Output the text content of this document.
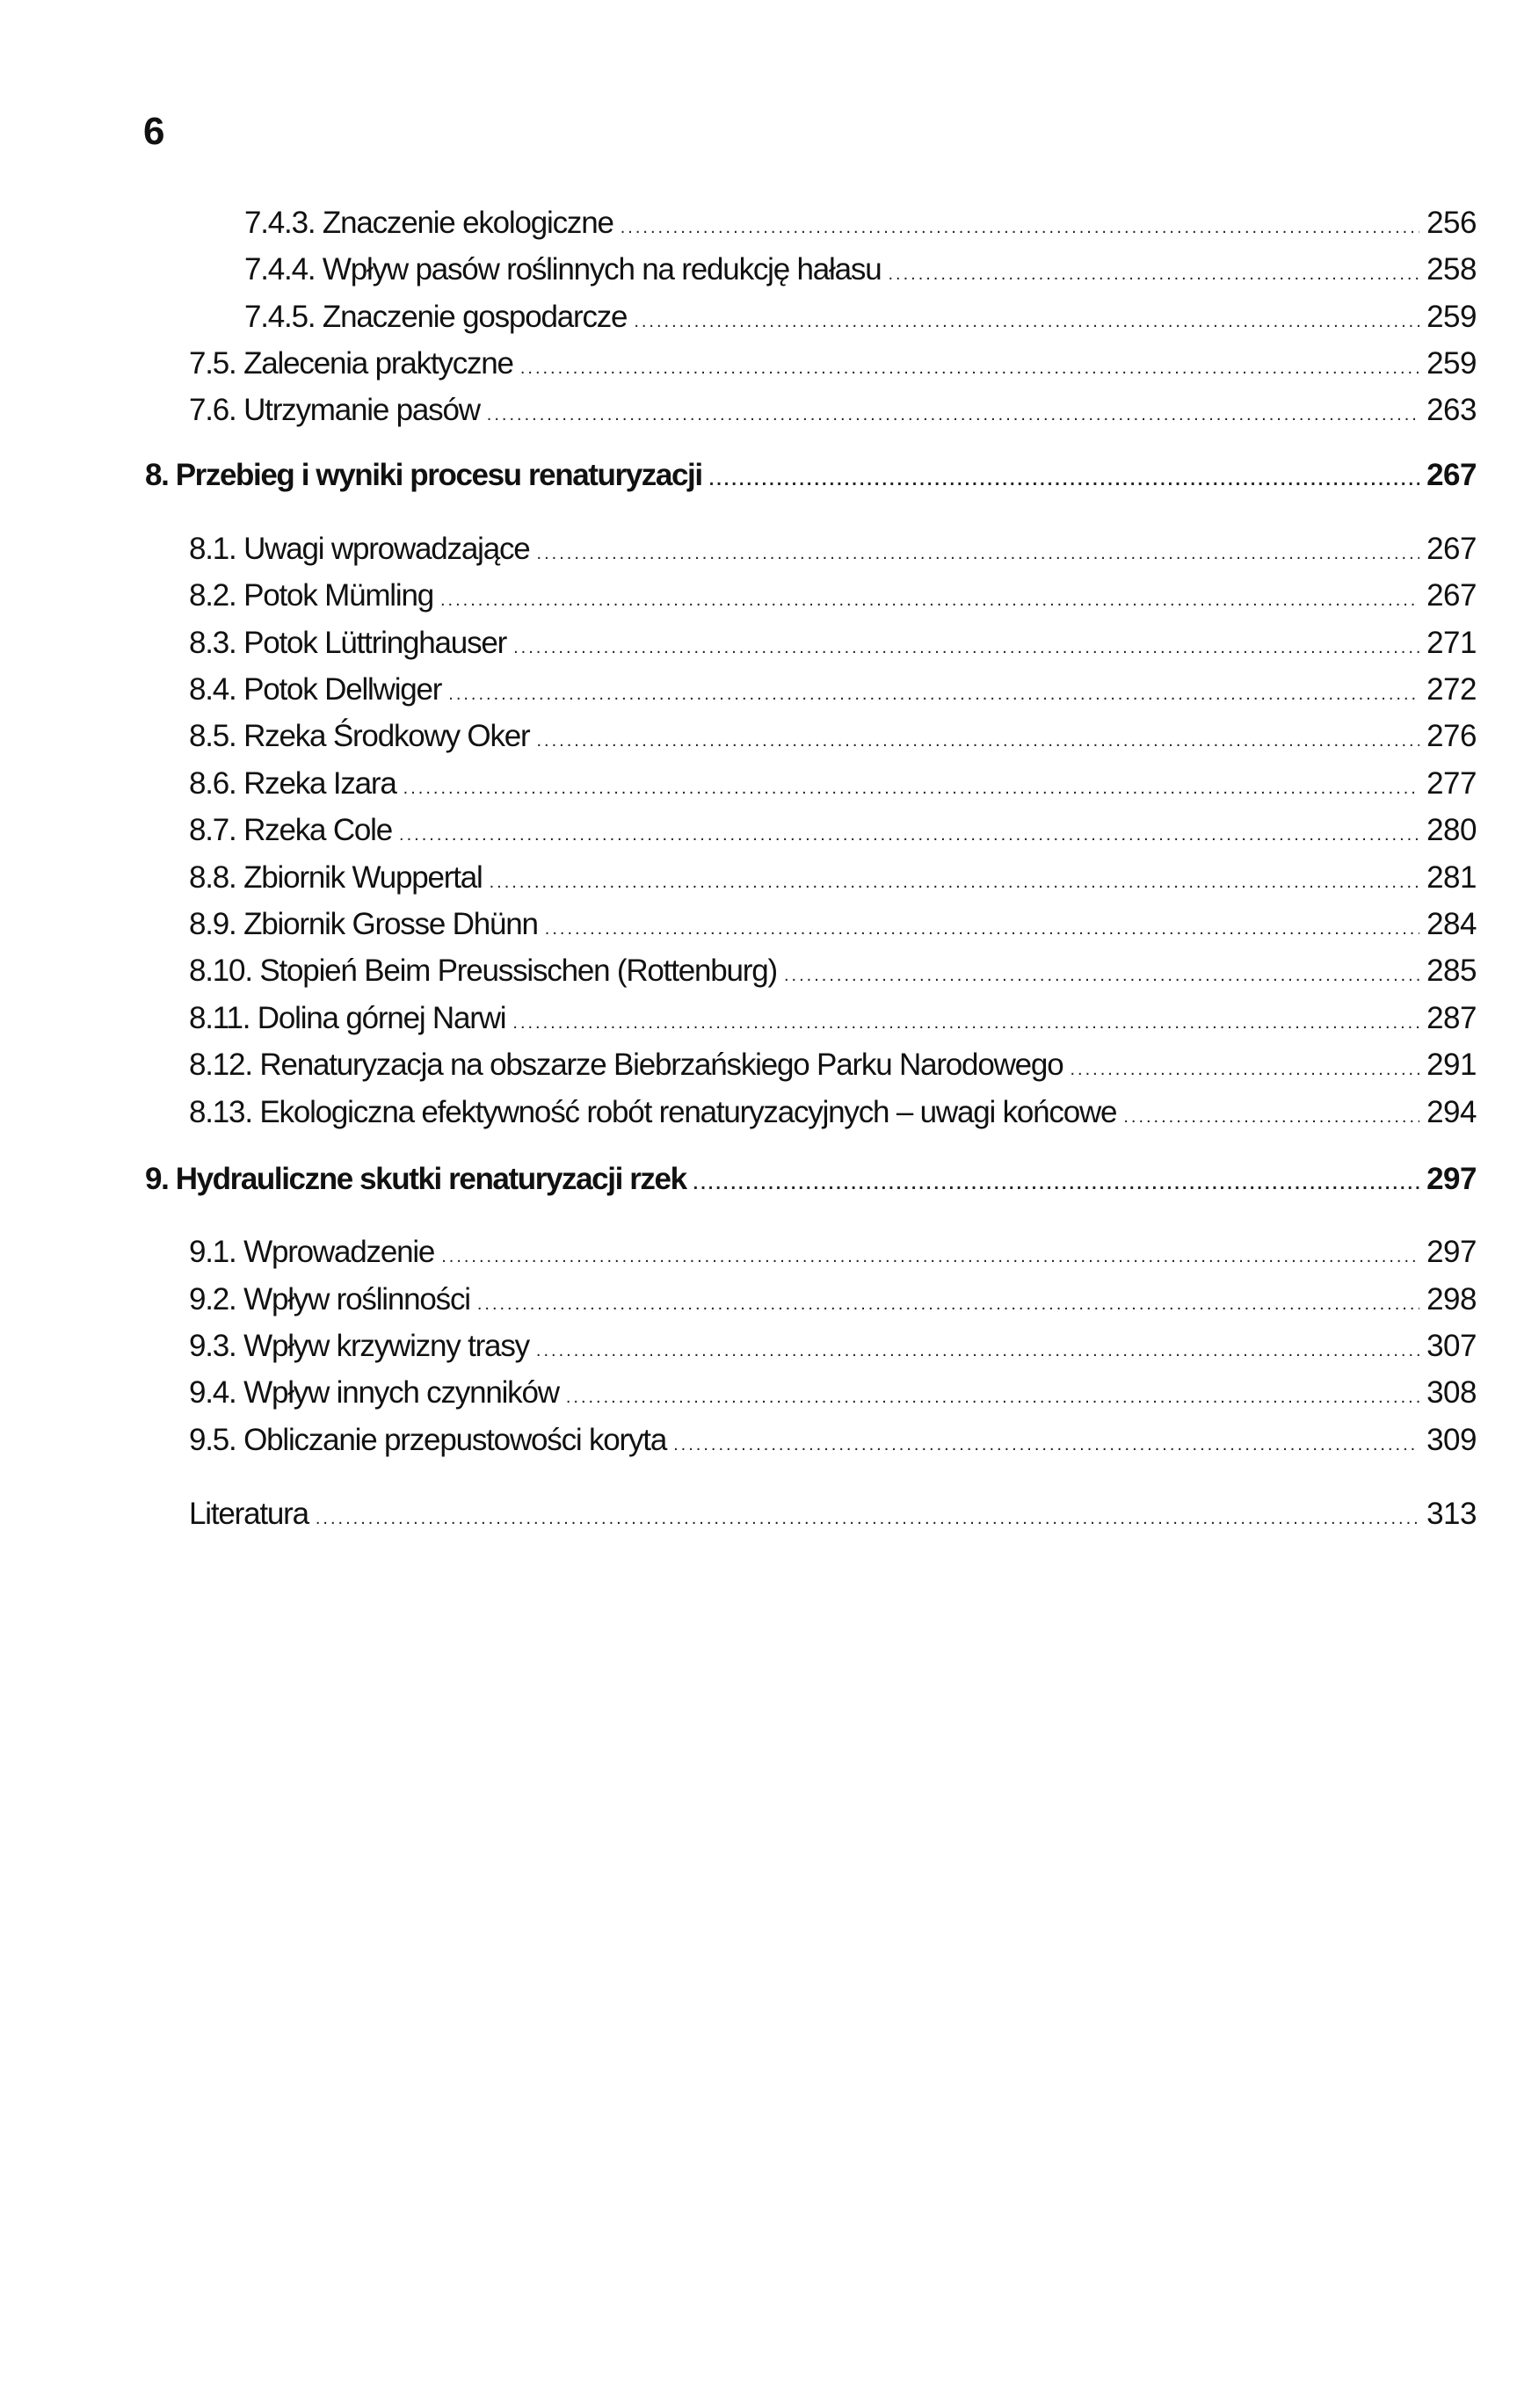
6
7.4.3. Znaczenie ekologiczne .....	256
7.4.4. Wpływ pasów roślinnych na redukcję hałasu .....	258
7.4.5. Znaczenie gospodarcze .....	259
7.5. Zalecenia praktyczne .....	259
7.6. Utrzymanie pasów .....	263
8. Przebieg i wyniki procesu renaturyzacji .....	267
8.1. Uwagi wprowadzające .....	267
8.2. Potok Mümling .....	267
8.3. Potok Lüttringhauser .....	271
8.4. Potok Dellwiger .....	272
8.5. Rzeka Środkowy Oker .....	276
8.6. Rzeka Izara .....	277
8.7. Rzeka Cole .....	280
8.8. Zbiornik Wuppertal .....	281
8.9. Zbiornik Grosse Dhünn .....	284
8.10. Stopień Beim Preussischen (Rottenburg) .....	285
8.11. Dolina górnej Narwi .....	287
8.12. Renaturyzacja na obszarze Biebrzańskiego Parku Narodowego .....	291
8.13. Ekologiczna efektywność robót renaturyzacyjnych – uwagi końcowe .....	294
9. Hydrauliczne skutki renaturyzacji rzek .....	297
9.1. Wprowadzenie .....	297
9.2. Wpływ roślinności .....	298
9.3. Wpływ krzywizny trasy .....	307
9.4. Wpływ innych czynników .....	308
9.5. Obliczanie przepustowości koryta .....	309
Literatura .....	313
